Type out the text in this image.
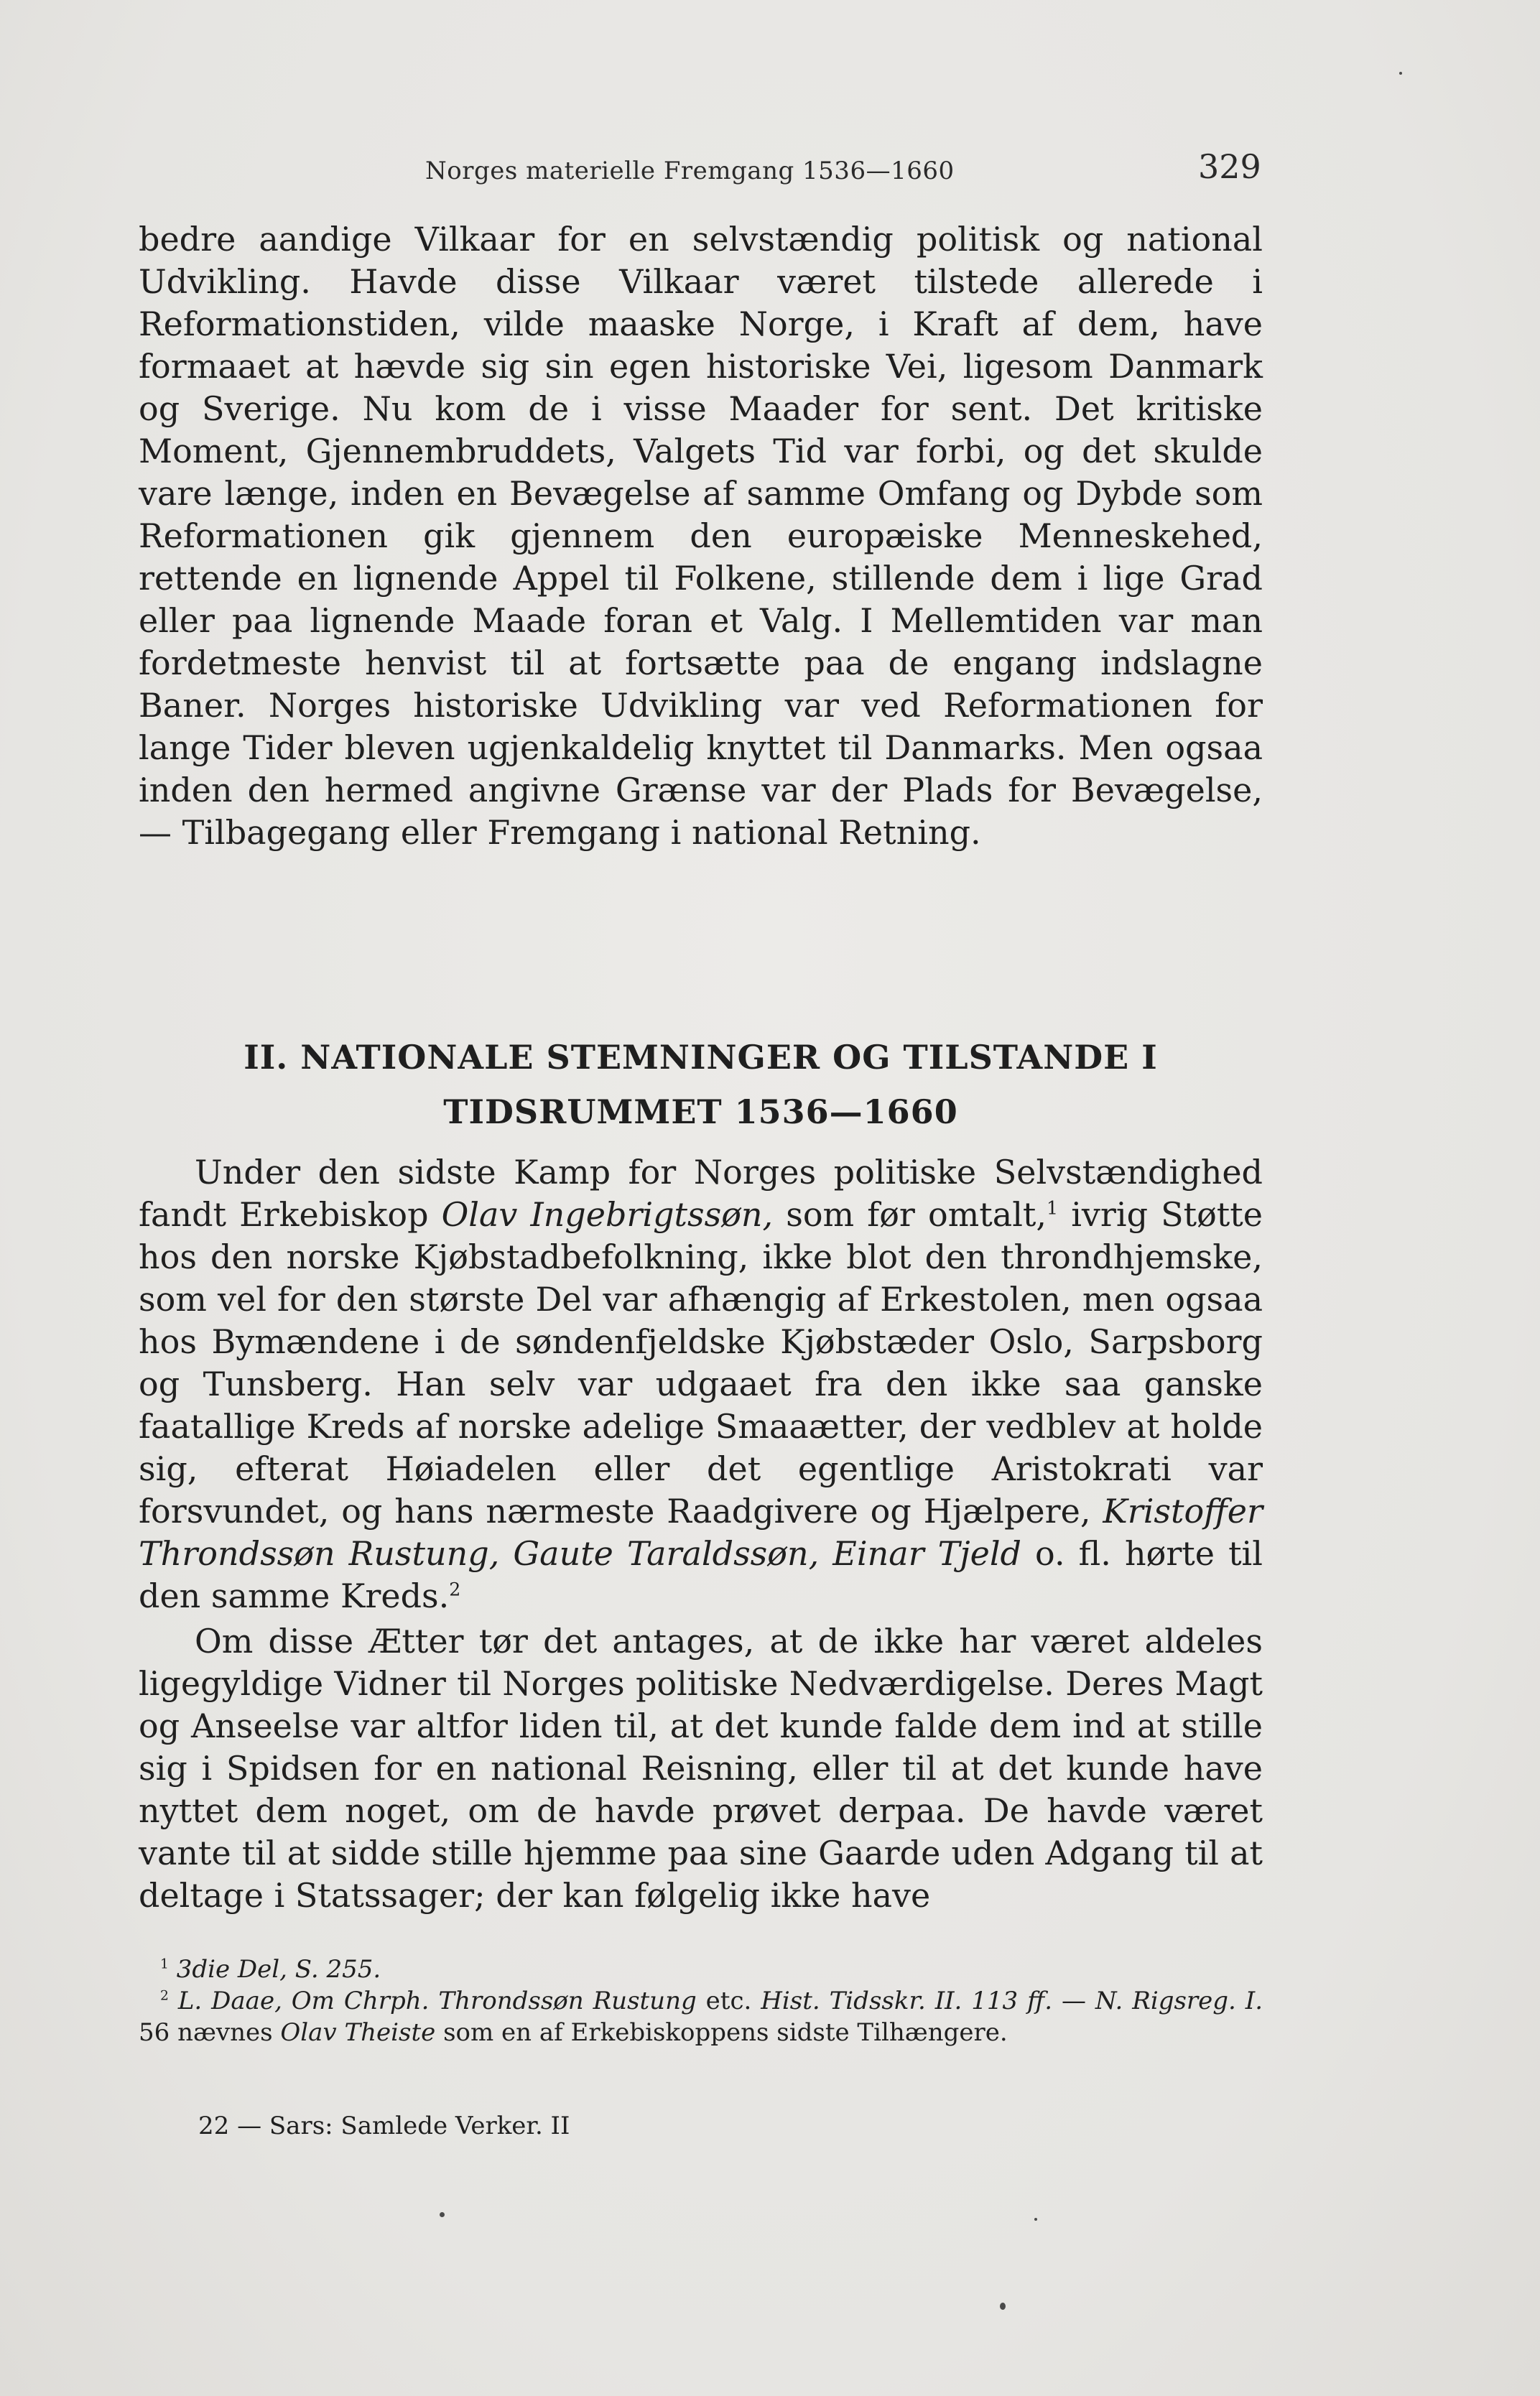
Norges materielle Fremgang 1536—1660	329

bedre aandige Vilkaar for en selvstændig politisk og national Udvikling. Havde disse Vilkaar været tilstede allerede i Reformationstiden, vilde maaske Norge, i Kraft af dem, have formaaet at hævde sig sin egen historiske Vei, ligesom Danmark og Sverige. Nu kom de i visse Maader for sent. Det kritiske Moment, Gjennembruddets, Valgets Tid var forbi, og det skulde vare længe, inden en Bevægelse af samme Omfang og Dybde som Reformationen gik gjennem den europæiske Menneskehed, rettende en lignende Appel til Folkene, stillende dem i lige Grad eller paa lignende Maade foran et Valg. I Mellemtiden var man fordetmeste henvist til at fortsætte paa de engang indslagne Baner. Norges historiske Udvikling var ved Reformationen for lange Tider bleven ugjenkaldelig knyttet til Danmarks. Men ogsaa inden den hermed angivne Grænse var der Plads for Bevægelse, — Tilbagegang eller Fremgang i national Retning.

II. NATIONALE STEMNINGER OG TILSTANDE I
TIDSRUMMET 1536—1660

Under den sidste Kamp for Norges politiske Selvstændighed fandt Erkebiskop Olav Ingebrigtssøn, som før omtalt,$^1$ ivrig Støtte hos den norske Kjøbstadbefolkning, ikke blot den throndhjemske, som vel for den største Del var afhængig af Erkestolen, men ogsaa hos Bymændene i de søndenfjeldske Kjøbstæder Oslo, Sarpsborg og Tunsberg. Han selv var udgaaet fra den ikke saa ganske faatallige Kreds af norske adelige Smaaætter, der vedblev at holde sig, efterat Høiadelen eller det egentlige Aristokrati var forsvundet, og hans nærmeste Raadgivere og Hjælpere, Kristoffer Throndssøn Rustung, Gaute Taraldssøn, Einar Tjeld o. fl. hørte til den samme Kreds.$^2$

Om disse Ætter tør det antages, at de ikke har været aldeles ligegyldige Vidner til Norges politiske Nedværdigelse. Deres Magt og Anseelse var altfor liden til, at det kunde falde dem ind at stille sig i Spidsen for en national Reisning, eller til at det kunde have nyttet dem noget, om de havde prøvet derpaa. De havde været vante til at sidde stille hjemme paa sine Gaarde uden Adgang til at deltage i Statssager; der kan følgelig ikke have

$^1$ 3die Del, S. 255.

$^2$ L. Daae, Om Chrph. Throndssøn Rustung etc. Hist. Tidsskr. II. 113 ff. — N. Rigsreg. I. 56 nævnes Olav Theiste som en af Erkebiskoppens sidste Tilhængere.

22 — Sars: Samlede Verker. II
